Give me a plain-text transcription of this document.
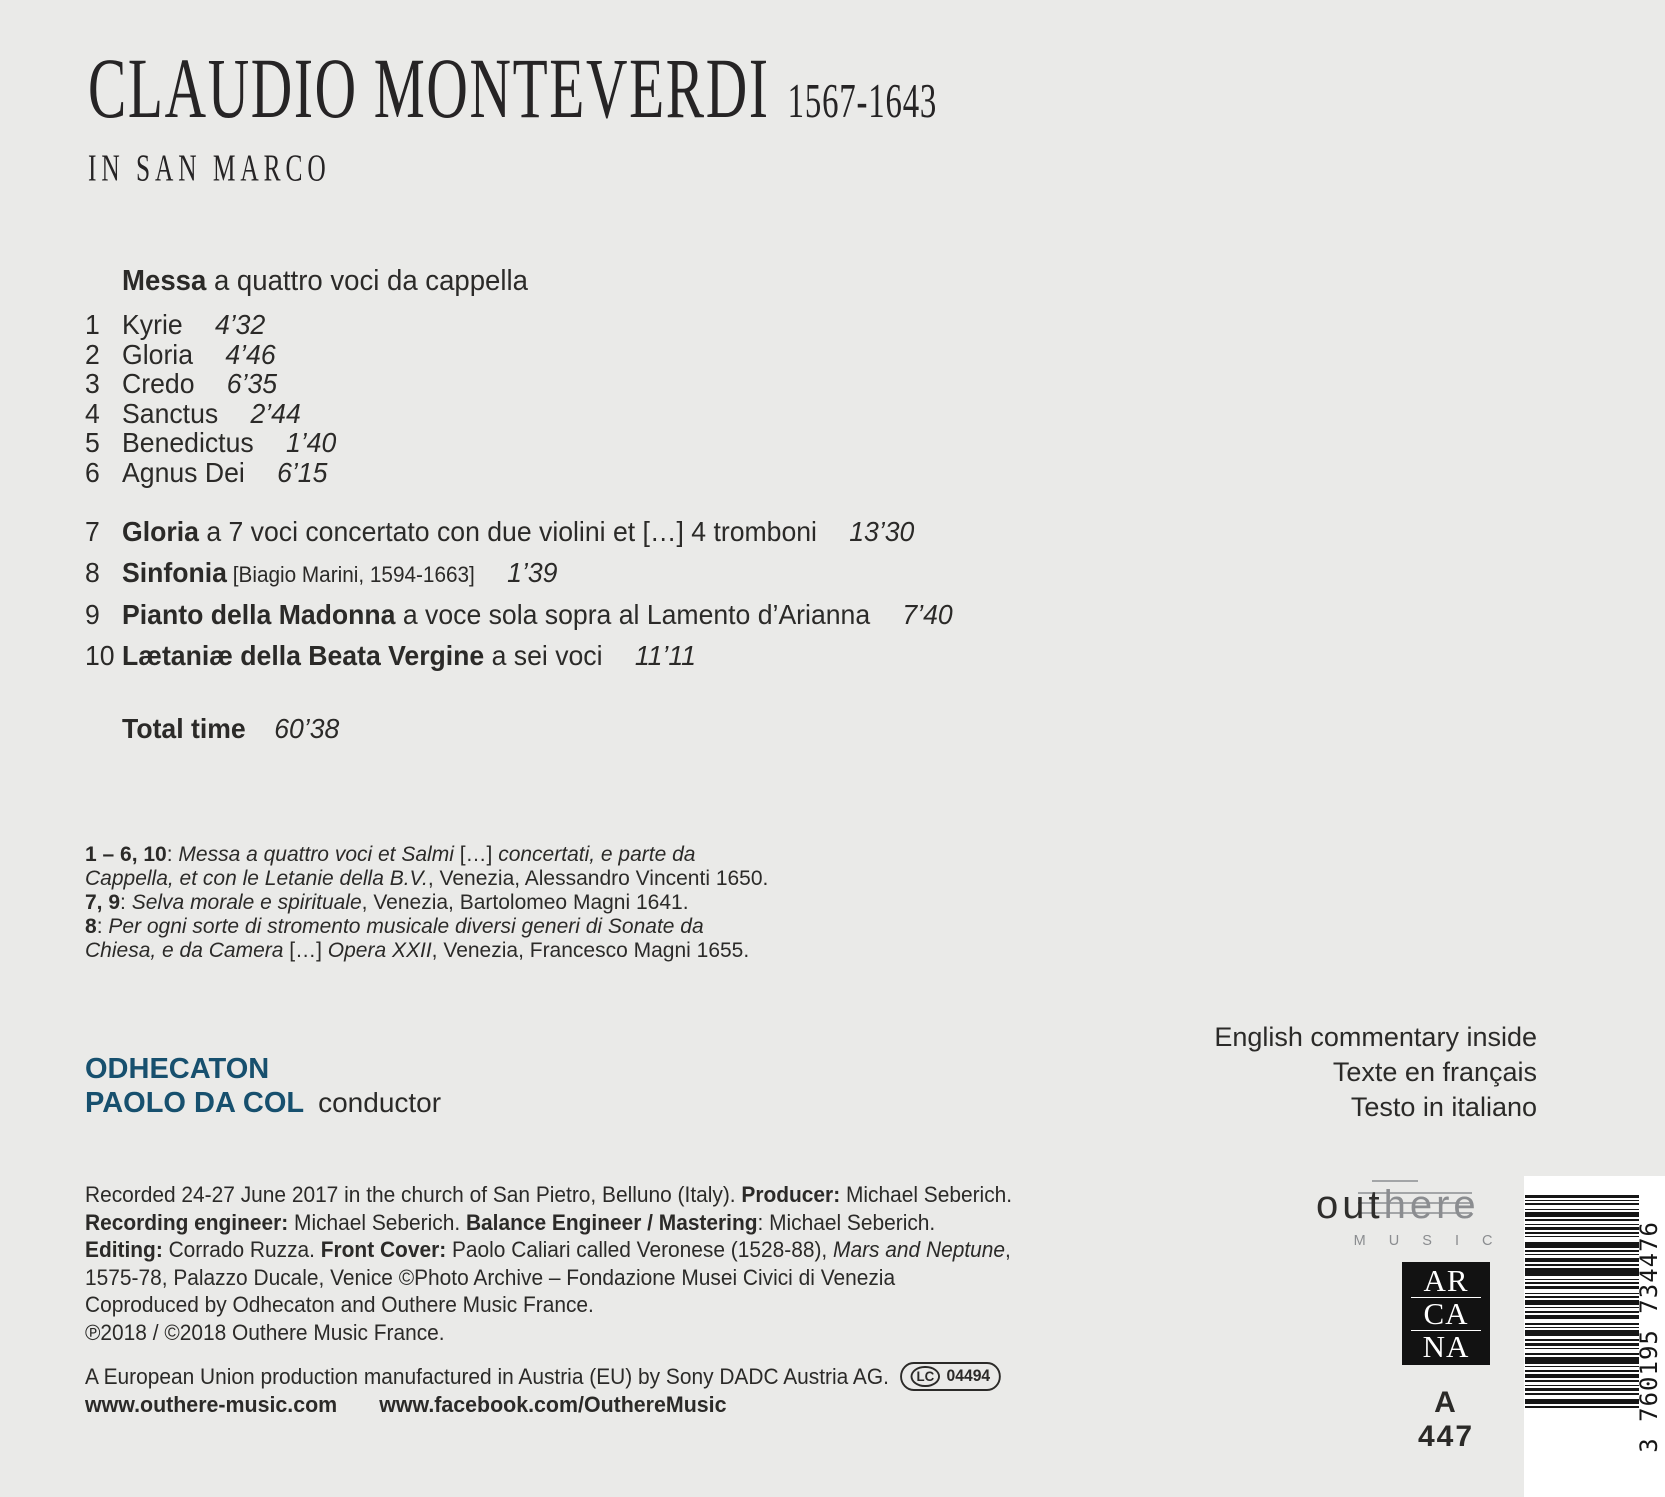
CLAUDIO MONTEVERDI 1567-1643
IN SAN MARCO
Messa a quattro voci da cappella
1 Kyrie 4’32
2 Gloria 4’46
3 Credo 6’35
4 Sanctus 2’44
5 Benedictus 1’40
6 Agnus Dei 6’15
7 Gloria a 7 voci concertato con due violini et […] 4 tromboni 13’30
8 Sinfonia [Biagio Marini, 1594-1663] 1’39
9 Pianto della Madonna a voce sola sopra al Lamento d’Arianna 7’40
10 Lætaniæ della Beata Vergine a sei voci 11’11
Total time 60’38
1 – 6, 10: Messa a quattro voci et Salmi […] concertati, e parte da
Cappella, et con le Letanie della B.V., Venezia, Alessandro Vincenti 1650.
7, 9: Selva morale e spirituale, Venezia, Bartolomeo Magni 1641.
8: Per ogni sorte di stromento musicale diversi generi di Sonate da
Chiesa, e da Camera […] Opera XXII, Venezia, Francesco Magni 1655.
ODHECATON
PAOLO DA COL conductor
English commentary inside
Texte en français
Testo in italiano
Recorded 24-27 June 2017 in the church of San Pietro, Belluno (Italy). Producer: Michael Seberich.
Recording engineer: Michael Seberich. Balance Engineer / Mastering: Michael Seberich.
Editing: Corrado Ruzza. Front Cover: Paolo Caliari called Veronese (1528-88), Mars and Neptune,
1575-78, Palazzo Ducale, Venice ©Photo Archive – Fondazione Musei Civici di Venezia
Coproduced by Odhecaton and Outhere Music France.
℗2018 / ©2018 Outhere Music France.
A European Union production manufactured in Austria (EU) by Sony DADC Austria AG.	LC 04494
www.outhere-music.com www.facebook.com/OuthereMusic
outhere
M U S I C
AR
CA
NA
A 447	3 760195 734476
